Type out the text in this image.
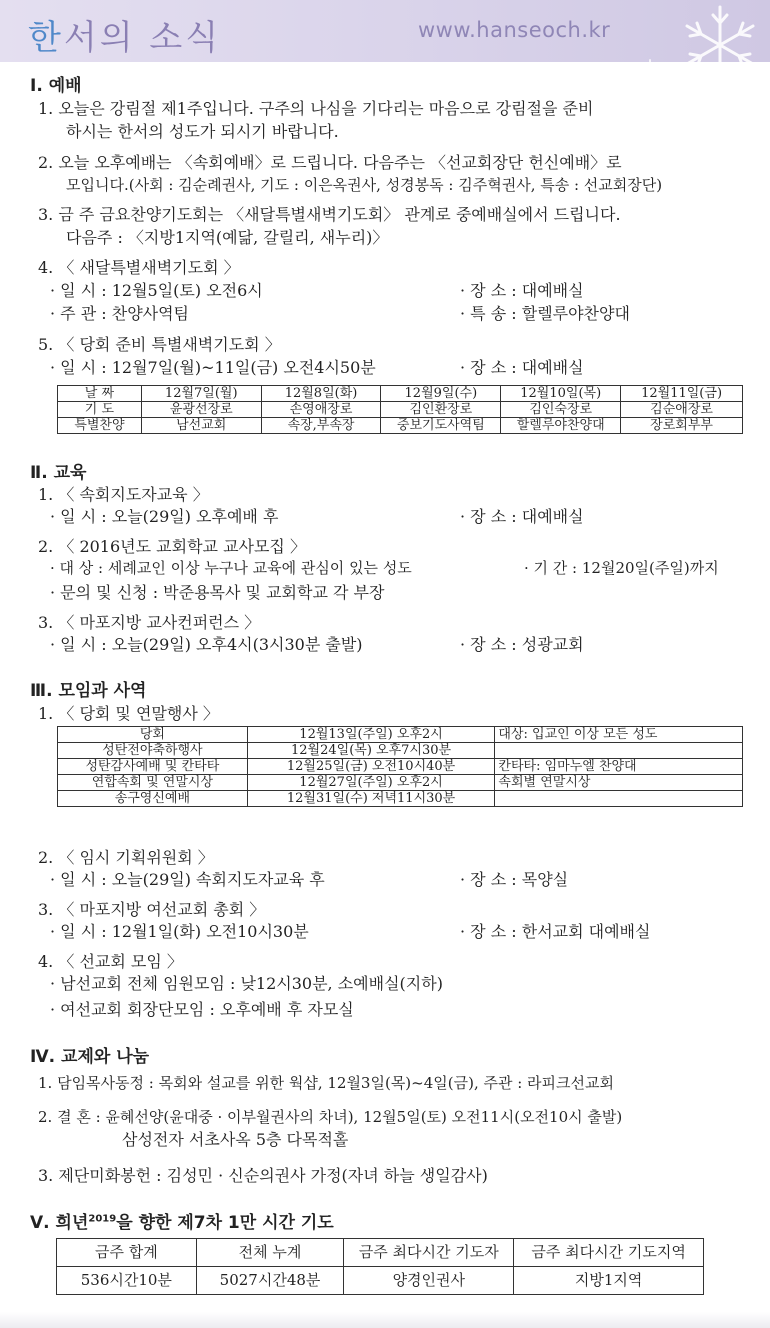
한서의 소식	www.hanseoch.kr
Ⅰ. 예배
1. 오늘은 강림절 제1주입니다. 구주의 나심을 기다리는 마음으로 강림절을 준비
하시는 한서의 성도가 되시기 바랍니다.
2. 오늘 오후예배는 〈속회예배〉로 드립니다. 다음주는 〈선교회장단 헌신예배〉로
모입니다.(사회 : 김순례권사, 기도 : 이은옥권사, 성경봉독 : 김주혁권사, 특송 : 선교회장단)
3. 금 주 금요찬양기도회는 〈새달특별새벽기도회〉 관계로 중예배실에서 드립니다.
다음주 : 〈지방1지역(예닮, 갈릴리, 새누리)〉
4. 〈 새달특별새벽기도회 〉
· 일 시 : 12월5일(토) 오전6시	· 장 소 : 대예배실
· 주 관 : 찬양사역팀	· 특 송 : 할렐루야찬양대
5. 〈 당회 준비 특별새벽기도회 〉
· 일 시 : 12월7일(월)~11일(금) 오전4시50분	· 장 소 : 대예배실
날 짜	12월7일(월)	12월8일(화)	12월9일(수)	12월10일(목)	12월11일(금)
기 도	윤광선장로	손영애장로	김인환장로	김인숙장로	김순애장로
특별찬양	남선교회	속장,부속장	중보기도사역팀	할렐루야찬양대	장로회부부
Ⅱ. 교육
1. 〈 속회지도자교육 〉
· 일 시 : 오늘(29일) 오후예배 후	· 장 소 : 대예배실
2. 〈 2016년도 교회학교 교사모집 〉
· 대 상 : 세례교인 이상 누구나 교육에 관심이 있는 성도	· 기 간 : 12월20일(주일)까지
· 문의 및 신청 : 박준용목사 및 교회학교 각 부장
3. 〈 마포지방 교사컨퍼런스 〉
· 일 시 : 오늘(29일) 오후4시(3시30분 출발)	· 장 소 : 성광교회
Ⅲ. 모임과 사역
1. 〈 당회 및 연말행사 〉
당회	12월13일(주일) 오후2시	대상: 입교인 이상 모든 성도
성탄전야축하행사	12월24일(목) 오후7시30분	
성탄감사예배 및 칸타타	12월25일(금) 오전10시40분	칸타타: 임마누엘 찬양대
연합속회 및 연말시상	12월27일(주일) 오후2시	속회별 연말시상
송구영신예배	12월31일(수) 저녁11시30분	
2. 〈 임시 기획위원회 〉
· 일 시 : 오늘(29일) 속회지도자교육 후	· 장 소 : 목양실
3. 〈 마포지방 여선교회 총회 〉
· 일 시 : 12월1일(화) 오전10시30분	· 장 소 : 한서교회 대예배실
4. 〈 선교회 모임 〉
· 남선교회 전체 임원모임 : 낮12시30분, 소예배실(지하)
· 여선교회 회장단모임 : 오후예배 후 자모실
Ⅳ. 교제와 나눔
1. 담임목사동정 : 목회와 설교를 위한 웍샵, 12월3일(목)~4일(금), 주관 : 라피크선교회
2. 결 혼 : 윤혜선양(윤대중 · 이부월권사의 차녀), 12월5일(토) 오전11시(오전10시 출발)
삼성전자 서초사옥 5층 다목적홀
3. 제단미화봉헌 : 김성민 · 신순의권사 가정(자녀 하늘 생일감사)
Ⅴ. 희년$^{2019}$을 향한 제7차 1만 시간 기도
금주 합계	전체 누계	금주 최다시간 기도자	금주 최다시간 기도지역
536시간10분	5027시간48분	양경인권사	지방1지역
